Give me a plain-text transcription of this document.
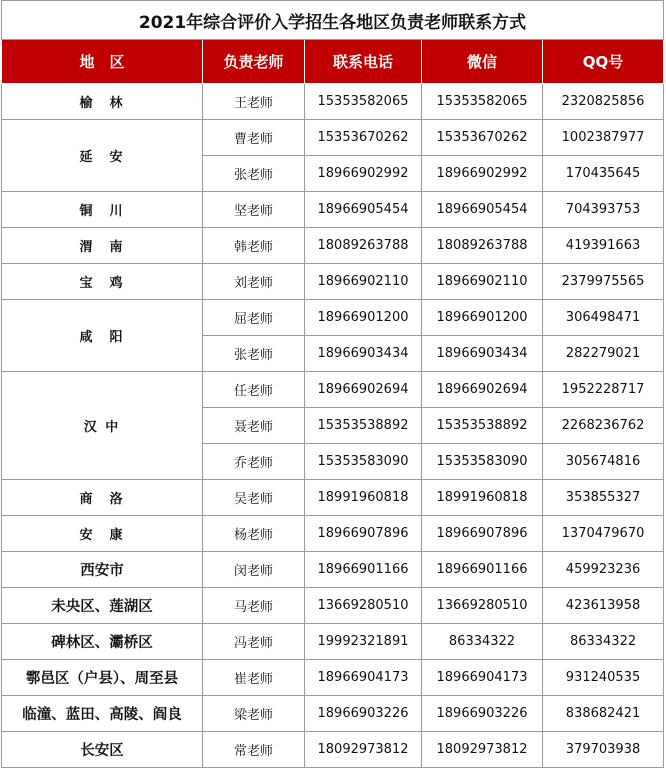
2021年综合评价入学招生各地区负责老师联系方式				
地　区	负责老师	联系电话	微信	QQ号
榆　林	王老师	15353582065	15353582065	2320825856
延　安	曹老师	15353670262	15353670262	1002387977
	张老师	18966902992	18966902992	170435645
铜　川	坚老师	18966905454	18966905454	704393753
渭　南	韩老师	18089263788	18089263788	419391663
宝　鸡	刘老师	18966902110	18966902110	2379975565
咸　阳	屈老师	18966901200	18966901200	306498471
	张老师	18966903434	18966903434	282279021
汉 中	任老师	18966902694	18966902694	1952228717
	聂老师	15353538892	15353538892	2268236762
	乔老师	15353583090	15353583090	305674816
商　洛	吴老师	18991960818	18991960818	353855327
安　康	杨老师	18966907896	18966907896	1370479670
西安市	闵老师	18966901166	18966901166	459923236
未央区、莲湖区	马老师	13669280510	13669280510	423613958
碑林区、灞桥区	冯老师	19992321891	86334322	86334322
鄠邑区（户县）、周至县	崔老师	18966904173	18966904173	931240535
临潼、蓝田、高陵、阎良	梁老师	18966903226	18966903226	838682421
长安区	常老师	18092973812	18092973812	379703938
